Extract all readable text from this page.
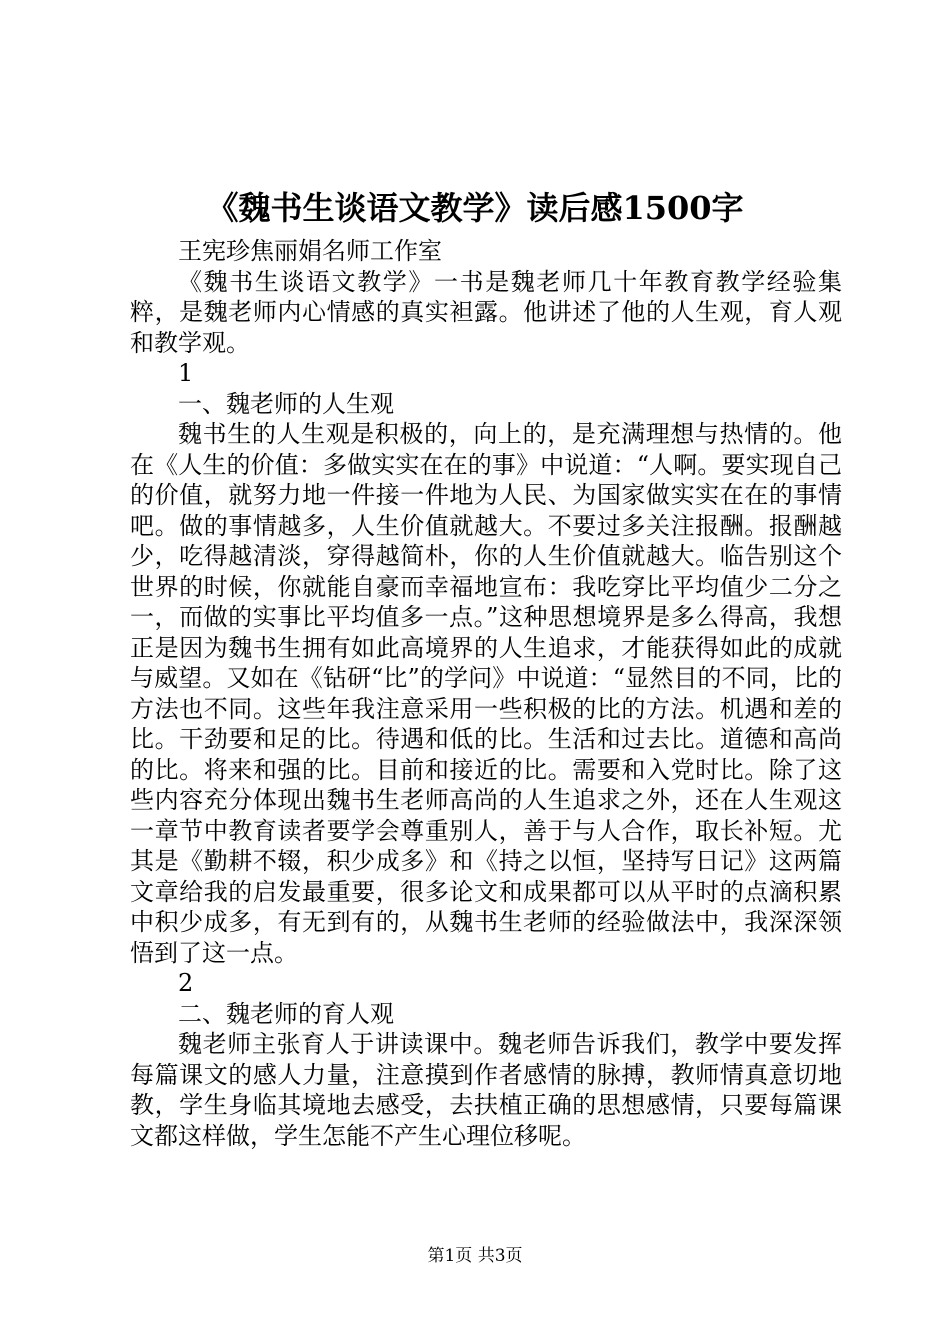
《魏书生谈语文教学》读后感1500字

王宪珍焦丽娟名师工作室

《魏书生谈语文教学》一书是魏老师几十年教育教学经验集粹，是魏老师内心情感的真实袒露。他讲述了他的人生观，育人观和教学观。

1

一、魏老师的人生观

魏书生的人生观是积极的，向上的，是充满理想与热情的。他在《人生的价值：多做实实在在的事》中说道：“人啊。要实现自己的价值，就努力地一件接一件地为人民、为国家做实实在在的事情吧。做的事情越多，人生价值就越大。不要过多关注报酬。报酬越少，吃得越清淡，穿得越简朴，你的人生价值就越大。临告别这个世界的时候，你就能自豪而幸福地宣布：我吃穿比平均值少二分之一，而做的实事比平均值多一点。”这种思想境界是多么得高，我想正是因为魏书生拥有如此高境界的人生追求，才能获得如此的成就与威望。又如在《钻研“比”的学问》中说道：“显然目的不同，比的方法也不同。这些年我注意采用一些积极的比的方法。机遇和差的比。干劲要和足的比。待遇和低的比。生活和过去比。道德和高尚的比。将来和强的比。目前和接近的比。需要和入党时比。除了这些内容充分体现出魏书生老师高尚的人生追求之外，还在人生观这一章节中教育读者要学会尊重别人，善于与人合作，取长补短。尤其是《勤耕不辍，积少成多》和《持之以恒，坚持写日记》这两篇文章给我的启发最重要，很多论文和成果都可以从平时的点滴积累中积少成多，有无到有的，从魏书生老师的经验做法中，我深深领悟到了这一点。

2

二、魏老师的育人观

魏老师主张育人于讲读课中。魏老师告诉我们，教学中要发挥每篇课文的感人力量，注意摸到作者感情的脉搏，教师情真意切地教，学生身临其境地去感受，去扶植正确的思想感情，只要每篇课文都这样做，学生怎能不产生心理位移呢。

第1页 共3页
